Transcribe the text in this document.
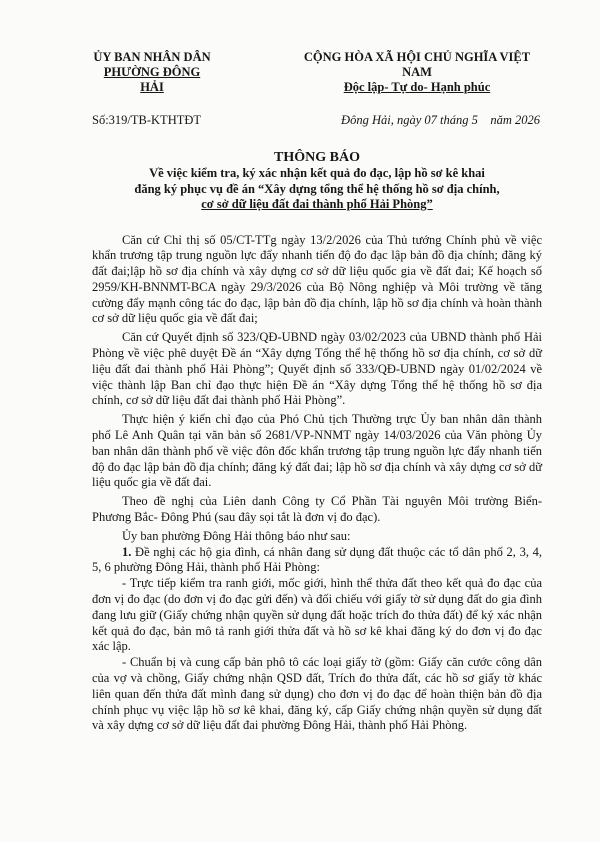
ỦY BAN NHÂN DÂN
PHƯỜNG ĐÔNG HẢI
CỘNG HÒA XÃ HỘI CHỦ NGHĨA VIỆT NAM
Độc lập- Tự do- Hạnh phúc
Số:319/TB-KTHTĐT	Đông Hải, ngày 07 tháng 5    năm 2026
THÔNG BÁO
Về việc kiểm tra, ký xác nhận kết quả đo đạc, lập hồ sơ kê khai
đăng ký phục vụ đề án “Xây dựng tổng thể hệ thống hồ sơ địa chính,
cơ sở dữ liệu đất đai thành phố Hải Phòng”

Căn cứ Chỉ thị số 05/CT-TTg ngày 13/2/2026 của Thủ tướng Chính phủ về việc khẩn trương tập trung nguồn lực đẩy nhanh tiến độ đo đạc lập bản đồ địa chính; đăng ký đất đai;lập hồ sơ địa chính và xây dựng cơ sở dữ liệu quốc gia về đất đai; Kế hoạch số 2959/KH-BNNMT-BCA ngày 29/3/2026 của Bộ Nông nghiệp và Môi trường về tăng cường đẩy mạnh công tác đo đạc, lập bản đồ địa chính, lập hồ sơ địa chính và hoàn thành cơ sở dữ liệu quốc gia về đất đai;

Căn cứ Quyết định số 323/QĐ-UBND ngày 03/02/2023 của UBND thành phố Hải Phòng về việc phê duyệt Đề án “Xây dựng Tổng thể hệ thống hồ sơ địa chính, cơ sở dữ liệu đất đai thành phố Hải Phòng”; Quyết định số 333/QĐ-UBND ngày 01/02/2024 về việc thành lập Ban chỉ đạo thực hiện Đề án “Xây dựng Tổng thể hệ thống hồ sơ địa chính, cơ sở dữ liệu đất đai thành phố Hải Phòng”.

Thực hiện ý kiến chỉ đạo của Phó Chủ tịch Thường trực Ủy ban nhân dân thành phố Lê Anh Quân tại văn bản số 2681/VP-NNMT ngày 14/03/2026 của Văn phòng Ủy ban nhân dân thành phố về việc đôn đốc khẩn trương tập trung nguồn lực đẩy nhanh tiến độ đo đạc lập bản đồ địa chính; đăng ký đất đai; lập hồ sơ địa chính và xây dựng cơ sở dữ liệu quốc gia về đất đai.

Theo đề nghị của Liên danh Công ty Cổ Phần Tài nguyên Môi trường Biển- Phương Bắc- Đông Phú (sau đây sọi tắt là đơn vị đo đạc).

Ủy ban phường Đông Hải thông báo như sau:

1. Đề nghị các hộ gia đình, cá nhân đang sử dụng đất thuộc các tổ dân phố 2, 3, 4, 5, 6 phường Đông Hải, thành phố Hải Phòng:

- Trực tiếp kiểm tra ranh giới, mốc giới, hình thể thửa đất theo kết quả đo đạc của đơn vị đo đạc (do đơn vị đo đạc gửi đến) và đối chiếu với giấy tờ sử dụng đất do gia đình đang lưu giữ (Giấy chứng nhận quyền sử dụng đất hoặc trích đo thửa đất) để ký xác nhận kết quả đo đạc, bản mô tả ranh giới thửa đất và hồ sơ kê khai đăng ký do đơn vị đo đạc xác lập.

- Chuẩn bị và cung cấp bản phô tô các loại giấy tờ (gồm: Giấy căn cước công dân của vợ và chồng, Giấy chứng nhận QSD đất, Trích đo thửa đất, các hồ sơ giấy tờ khác liên quan đến thửa đất mình đang sử dụng) cho đơn vị đo đạc để hoàn thiện bản đồ địa chính phục vụ việc lập hồ sơ kê khai, đăng ký, cấp Giấy chứng nhận quyền sử dụng đất và xây dựng cơ sở dữ liệu đất đai phường Đông Hải, thành phố Hải Phòng.
